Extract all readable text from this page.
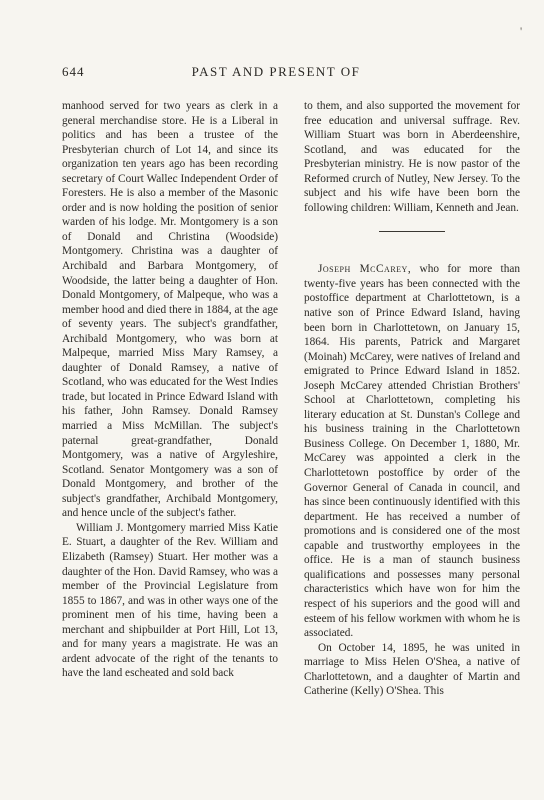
'
644	PAST AND PRESENT OF

manhood served for two years as clerk in a general merchandise store. He is a Liberal in politics and has been a trustee of the Presbyterian church of Lot 14, and since its organization ten years ago has been recording secretary of Court Wallec Independent Order of Foresters. He is also a member of the Masonic order and is now holding the position of senior warden of his lodge. Mr. Montgomery is a son of Donald and Christina (Woodside) Montgomery. Christina was a daughter of Archibald and Barbara Montgomery, of Woodside, the latter being a daughter of Hon. Donald Montgomery, of Malpeque, who was a member hood and died there in 1884, at the age of seventy years. The subject's grandfather, Archibald Montgomery, who was born at Malpeque, married Miss Mary Ramsey, a daughter of Donald Ramsey, a native of Scotland, who was educated for the West Indies trade, but located in Prince Edward Island with his father, John Ramsey. Donald Ramsey married a Miss McMillan. The subject's paternal great-grandfather, Donald Montgomery, was a native of Argyleshire, Scotland. Senator Montgomery was a son of Donald Montgomery, and brother of the subject's grandfather, Archibald Montgomery, and hence uncle of the subject's father.

William J. Montgomery married Miss Katie E. Stuart, a daughter of the Rev. William and Elizabeth (Ramsey) Stuart. Her mother was a daughter of the Hon. David Ramsey, who was a member of the Provincial Legislature from 1855 to 1867, and was in other ways one of the prominent men of his time, having been a merchant and shipbuilder at Port Hill, Lot 13, and for many years a magistrate. He was an ardent advocate of the right of the tenants to have the land escheated and sold back

to them, and also supported the movement for free education and universal suffrage. Rev. William Stuart was born in Aberdeenshire, Scotland, and was educated for the Presbyterian ministry. He is now pastor of the Reformed crurch of Nutley, New Jersey. To the subject and his wife have been born the following children: William, Kenneth and Jean.

Joseph McCarey, who for more than twenty-five years has been connected with the postoffice department at Charlottetown, is a native son of Prince Edward Island, having been born in Charlottetown, on January 15, 1864. His parents, Patrick and Margaret (Moinah) McCarey, were natives of Ireland and emigrated to Prince Edward Island in 1852. Joseph McCarey attended Christian Brothers' School at Charlottetown, completing his literary education at St. Dunstan's College and his business training in the Charlottetown Business College. On December 1, 1880, Mr. McCarey was appointed a clerk in the Charlottetown postoffice by order of the Governor General of Canada in council, and has since been continuously identified with this department. He has received a number of promotions and is considered one of the most capable and trustworthy employees in the office. He is a man of staunch business qualifications and possesses many personal characteristics which have won for him the respect of his superiors and the good will and esteem of his fellow workmen with whom he is associated.

On October 14, 1895, he was united in marriage to Miss Helen O'Shea, a native of Charlottetown, and a daughter of Martin and Catherine (Kelly) O'Shea. This
